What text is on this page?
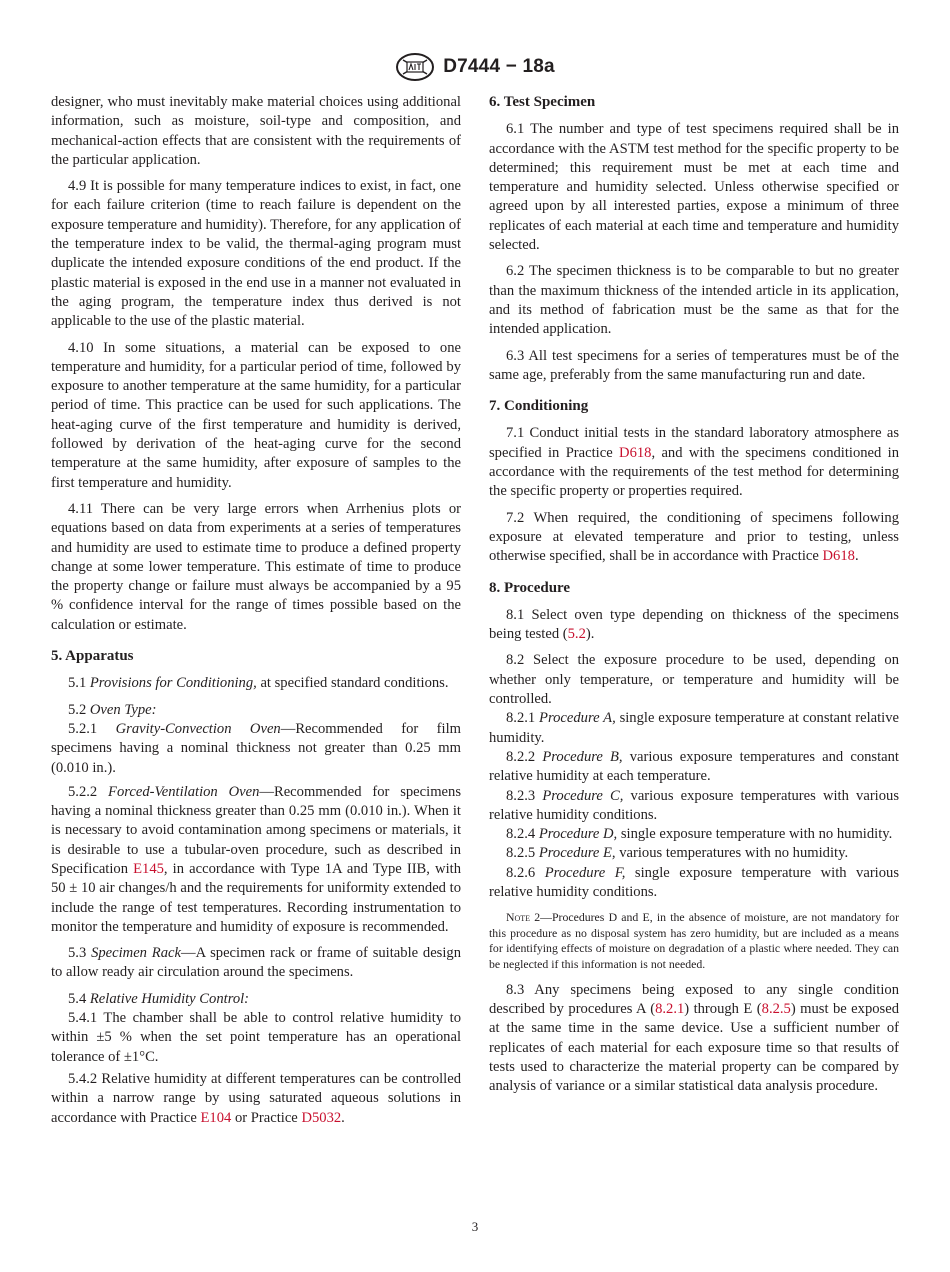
D7444 − 18a

designer, who must inevitably make material choices using additional information, such as moisture, soil-type and composition, and mechanical-action effects that are consistent with the requirements of the particular application.

4.9 It is possible for many temperature indices to exist, in fact, one for each failure criterion (time to reach failure is dependent on the exposure temperature and humidity). Therefore, for any application of the temperature index to be valid, the thermal-aging program must duplicate the intended exposure conditions of the end product. If the plastic material is exposed in the end use in a manner not evaluated in the aging program, the temperature index thus derived is not applicable to the use of the plastic material.

4.10 In some situations, a material can be exposed to one temperature and humidity, for a particular period of time, followed by exposure to another temperature at the same humidity, for a particular period of time. This practice can be used for such applications. The heat-aging curve of the first temperature and humidity is derived, followed by derivation of the heat-aging curve for the second temperature at the same humidity, after exposure of samples to the first temperature and humidity.

4.11 There can be very large errors when Arrhenius plots or equations based on data from experiments at a series of temperatures and humidity are used to estimate time to produce a defined property change at some lower temperature. This estimate of time to produce the property change or failure must always be accompanied by a 95 % confidence interval for the range of times possible based on the calculation or estimate.

5. Apparatus

5.1 Provisions for Conditioning, at specified standard conditions.

5.2 Oven Type:

5.2.1 Gravity-Convection Oven—Recommended for film specimens having a nominal thickness not greater than 0.25 mm (0.010 in.).

5.2.2 Forced-Ventilation Oven—Recommended for specimens having a nominal thickness greater than 0.25 mm (0.010 in.). When it is necessary to avoid contamination among specimens or materials, it is desirable to use a tubular-oven procedure, such as described in Specification E145, in accordance with Type 1A and Type IIB, with 50 ± 10 air changes/h and the requirements for uniformity extended to include the range of test temperatures. Recording instrumentation to monitor the temperature and humidity of exposure is recommended.

5.3 Specimen Rack—A specimen rack or frame of suitable design to allow ready air circulation around the specimens.

5.4 Relative Humidity Control:

5.4.1 The chamber shall be able to control relative humidity to within ±5 % when the set point temperature has an operational tolerance of ±1°C.

5.4.2 Relative humidity at different temperatures can be controlled within a narrow range by using saturated aqueous solutions in accordance with Practice E104 or Practice D5032.

6. Test Specimen

6.1 The number and type of test specimens required shall be in accordance with the ASTM test method for the specific property to be determined; this requirement must be met at each time and temperature and humidity selected. Unless otherwise specified or agreed upon by all interested parties, expose a minimum of three replicates of each material at each time and temperature and humidity selected.

6.2 The specimen thickness is to be comparable to but no greater than the maximum thickness of the intended article in its application, and its method of fabrication must be the same as that for the intended application.

6.3 All test specimens for a series of temperatures must be of the same age, preferably from the same manufacturing run and date.

7. Conditioning

7.1 Conduct initial tests in the standard laboratory atmosphere as specified in Practice D618, and with the specimens conditioned in accordance with the requirements of the test method for determining the specific property or properties required.

7.2 When required, the conditioning of specimens following exposure at elevated temperature and prior to testing, unless otherwise specified, shall be in accordance with Practice D618.

8. Procedure

8.1 Select oven type depending on thickness of the specimens being tested (5.2).

8.2 Select the exposure procedure to be used, depending on whether only temperature, or temperature and humidity will be controlled.

8.2.1 Procedure A, single exposure temperature at constant relative humidity.

8.2.2 Procedure B, various exposure temperatures and constant relative humidity at each temperature.

8.2.3 Procedure C, various exposure temperatures with various relative humidity conditions.

8.2.4 Procedure D, single exposure temperature with no humidity.

8.2.5 Procedure E, various temperatures with no humidity.

8.2.6 Procedure F, single exposure temperature with various relative humidity conditions.

Note 2—Procedures D and E, in the absence of moisture, are not mandatory for this procedure as no disposal system has zero humidity, but are included as a means for identifying effects of moisture on degradation of a plastic where needed. They can be neglected if this information is not needed.

8.3 Any specimens being exposed to any single condition described by procedures A (8.2.1) through E (8.2.5) must be exposed at the same time in the same device. Use a sufficient number of replicates of each material for each exposure time so that results of tests used to characterize the material property can be compared by analysis of variance or a similar statistical data analysis procedure.

3
